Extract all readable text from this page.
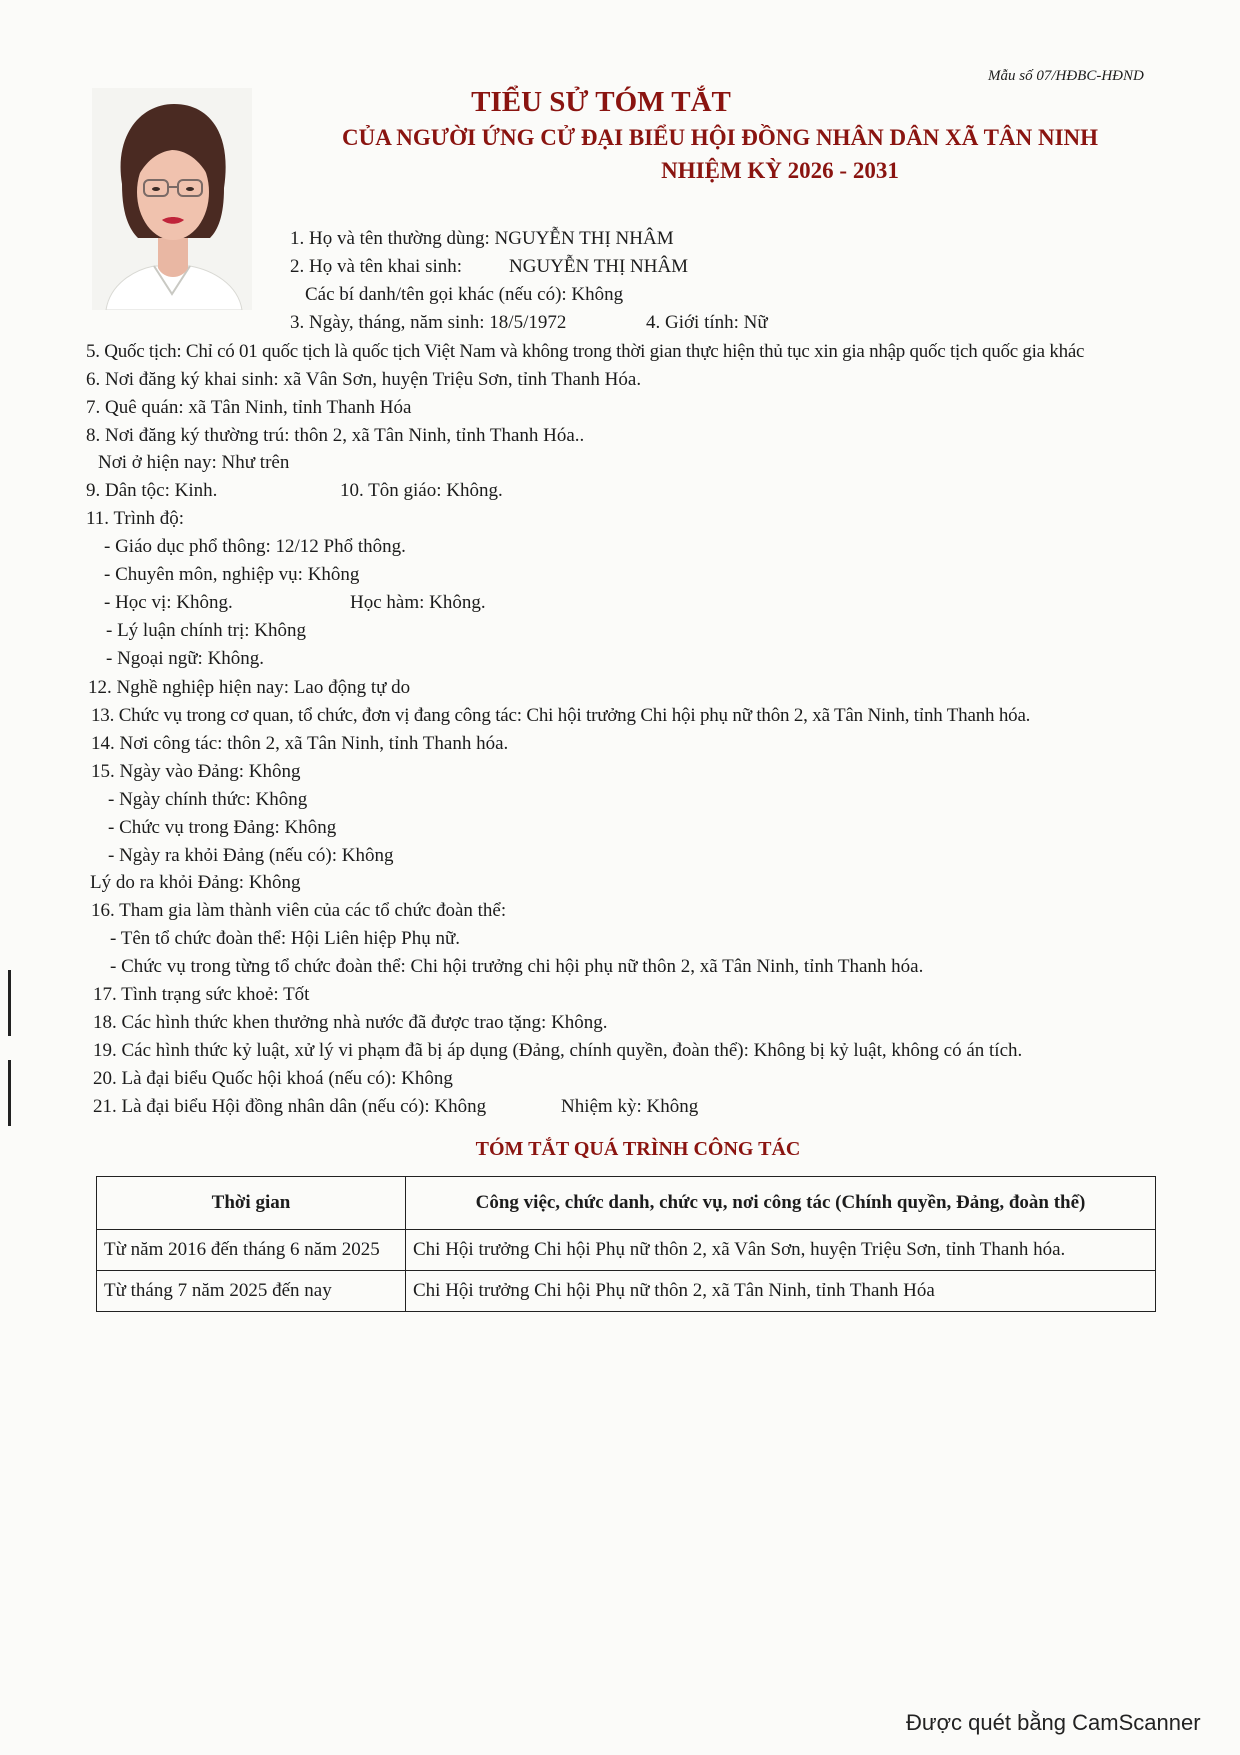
Mẫu số 07/HĐBC-HĐND
TIỂU SỬ TÓM TẮT
CỦA NGƯỜI ỨNG CỬ ĐẠI BIỂU HỘI ĐỒNG NHÂN DÂN XÃ TÂN NINH
NHIỆM KỲ 2026 - 2031
1. Họ và tên thường dùng: NGUYỄN THỊ NHÂM
2. Họ và tên khai sinh: NGUYỄN THỊ NHÂM
Các bí danh/tên gọi khác (nếu có): Không
3. Ngày, tháng, năm sinh: 18/5/1972	4. Giới tính: Nữ
5. Quốc tịch: Chỉ có 01 quốc tịch là quốc tịch Việt Nam và không trong thời gian thực hiện thủ tục xin gia nhập quốc tịch quốc gia khác
6. Nơi đăng ký khai sinh: xã Vân Sơn, huyện Triệu Sơn, tỉnh Thanh Hóa.
7. Quê quán: xã Tân Ninh, tỉnh Thanh Hóa
8. Nơi đăng ký thường trú: thôn 2, xã Tân Ninh, tỉnh Thanh Hóa..
Nơi ở hiện nay: Như trên
9. Dân tộc: Kinh.	10. Tôn giáo: Không.
11. Trình độ:
- Giáo dục phổ thông: 12/12 Phổ thông.
- Chuyên môn, nghiệp vụ: Không
- Học vị: Không.	Học hàm: Không.
- Lý luận chính trị: Không
- Ngoại ngữ: Không.
12. Nghề nghiệp hiện nay: Lao động tự do
13. Chức vụ trong cơ quan, tổ chức, đơn vị đang công tác: Chi hội trưởng Chi hội phụ nữ thôn 2, xã Tân Ninh, tỉnh Thanh hóa.
14. Nơi công tác: thôn 2, xã Tân Ninh, tỉnh Thanh hóa.
15. Ngày vào Đảng: Không
- Ngày chính thức: Không
- Chức vụ trong Đảng: Không
- Ngày ra khỏi Đảng (nếu có): Không
Lý do ra khỏi Đảng: Không
16. Tham gia làm thành viên của các tổ chức đoàn thể:
- Tên tổ chức đoàn thể: Hội Liên hiệp Phụ nữ.
- Chức vụ trong từng tổ chức đoàn thể: Chi hội trưởng chi hội phụ nữ thôn 2, xã Tân Ninh, tỉnh Thanh hóa.
17. Tình trạng sức khoẻ: Tốt
18. Các hình thức khen thưởng nhà nước đã được trao tặng: Không.
19. Các hình thức kỷ luật, xử lý vi phạm đã bị áp dụng (Đảng, chính quyền, đoàn thể): Không bị kỷ luật, không có án tích.
20. Là đại biểu Quốc hội khoá (nếu có): Không
21. Là đại biểu Hội đồng nhân dân (nếu có): Không	Nhiệm kỳ: Không
TÓM TẮT QUÁ TRÌNH CÔNG TÁC
Thời gian	Công việc, chức danh, chức vụ, nơi công tác (Chính quyền, Đảng, đoàn thể)
Từ năm 2016 đến tháng 6 năm 2025	Chi Hội trưởng Chi hội Phụ nữ thôn 2, xã Vân Sơn, huyện Triệu Sơn, tỉnh Thanh hóa.
Từ tháng 7 năm 2025 đến nay	Chi Hội trưởng Chi hội Phụ nữ thôn 2, xã Tân Ninh, tỉnh Thanh Hóa
Được quét bằng CamScanner
